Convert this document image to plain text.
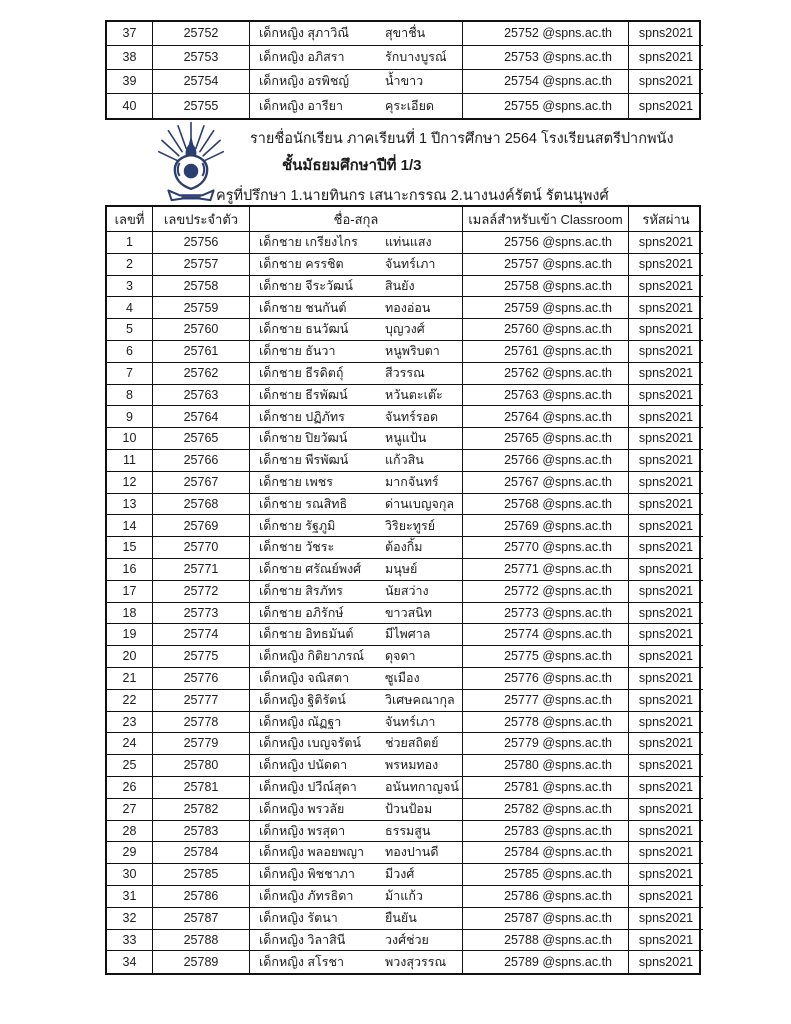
37	25752	เด็กหญิง สุภาวิณี	สุขาชื่น	25752 @spns.ac.th	spns2021
38	25753	เด็กหญิง อภิสรา	รักบางบูรณ์	25753 @spns.ac.th	spns2021
39	25754	เด็กหญิง อรพิชญ์	น้ำขาว	25754 @spns.ac.th	spns2021
40	25755	เด็กหญิง อารียา	คุระเอียด	25755 @spns.ac.th	spns2021
รายชื่อนักเรียน ภาคเรียนที่ 1 ปีการศึกษา 2564 โรงเรียนสตรีปากพนัง
ชั้นมัธยมศึกษาปีที่ 1/3
ครูที่ปรึกษา 1.นายทินกร เสนาะกรรณ 2.นางนงค์รัตน์ รัตนนุพงศ์
เลขที่	เลขประจำตัว	ชื่อ-สกุล	เมลล์สำหรับเข้า Classroom	รหัสผ่าน
1	25756	เด็กชาย เกรียงไกร	แท่นแสง	25756 @spns.ac.th	spns2021
2	25757	เด็กชาย ครรชิต	จันทร์เภา	25757 @spns.ac.th	spns2021
3	25758	เด็กชาย จีระวัฒน์	สินยัง	25758 @spns.ac.th	spns2021
4	25759	เด็กชาย ชนกันต์	ทองอ่อน	25759 @spns.ac.th	spns2021
5	25760	เด็กชาย ธนวัฒน์	บุญวงศ์	25760 @spns.ac.th	spns2021
6	25761	เด็กชาย ธันวา	หนูพริบตา	25761 @spns.ac.th	spns2021
7	25762	เด็กชาย ธีรดิตถุ์	สีวรรณ	25762 @spns.ac.th	spns2021
8	25763	เด็กชาย ธีรพัฒน์	หวันตะเต๊ะ	25763 @spns.ac.th	spns2021
9	25764	เด็กชาย ปฏิภัทร	จันทร์รอด	25764 @spns.ac.th	spns2021
10	25765	เด็กชาย ปิยวัฒน์	หนูแป้น	25765 @spns.ac.th	spns2021
11	25766	เด็กชาย พีรพัฒน์	แก้วสิน	25766 @spns.ac.th	spns2021
12	25767	เด็กชาย เพชร	มากจันทร์	25767 @spns.ac.th	spns2021
13	25768	เด็กชาย รณสิทธิ	ด่านเบญจกุล	25768 @spns.ac.th	spns2021
14	25769	เด็กชาย รัฐภูมิ	วิริยะทูรย์	25769 @spns.ac.th	spns2021
15	25770	เด็กชาย วัชระ	ต้องกิ้ม	25770 @spns.ac.th	spns2021
16	25771	เด็กชาย ศรัณย์พงศ์	มนุษย์	25771 @spns.ac.th	spns2021
17	25772	เด็กชาย สิรภัทร	นัยสว่าง	25772 @spns.ac.th	spns2021
18	25773	เด็กชาย อภิรักษ์	ขาวสนิท	25773 @spns.ac.th	spns2021
19	25774	เด็กชาย อิทธมันต์	มีไพศาล	25774 @spns.ac.th	spns2021
20	25775	เด็กหญิง กิติยาภรณ์	ดุจดา	25775 @spns.ac.th	spns2021
21	25776	เด็กหญิง จณิสตา	ซูเมือง	25776 @spns.ac.th	spns2021
22	25777	เด็กหญิง ฐิติรัตน์	วิเศษคณากุล	25777 @spns.ac.th	spns2021
23	25778	เด็กหญิง ณัฏฐา	จันทร์เภา	25778 @spns.ac.th	spns2021
24	25779	เด็กหญิง เบญจรัตน์	ช่วยสถิตย์	25779 @spns.ac.th	spns2021
25	25780	เด็กหญิง ปนัดดา	พรหมทอง	25780 @spns.ac.th	spns2021
26	25781	เด็กหญิง ปวีณ์สุดา	อนันทกาญจน์	25781 @spns.ac.th	spns2021
27	25782	เด็กหญิง พรวลัย	ป้วนป้อม	25782 @spns.ac.th	spns2021
28	25783	เด็กหญิง พรสุดา	ธรรมสูน	25783 @spns.ac.th	spns2021
29	25784	เด็กหญิง พลอยพญา	ทองปานดี	25784 @spns.ac.th	spns2021
30	25785	เด็กหญิง พิชชาภา	มีวงศ์	25785 @spns.ac.th	spns2021
31	25786	เด็กหญิง ภัทรธิดา	ม้าแก้ว	25786 @spns.ac.th	spns2021
32	25787	เด็กหญิง รัตนา	ยืนยัน	25787 @spns.ac.th	spns2021
33	25788	เด็กหญิง วิลาสินี	วงศ์ช่วย	25788 @spns.ac.th	spns2021
34	25789	เด็กหญิง สโรชา	พวงสุวรรณ	25789 @spns.ac.th	spns2021
